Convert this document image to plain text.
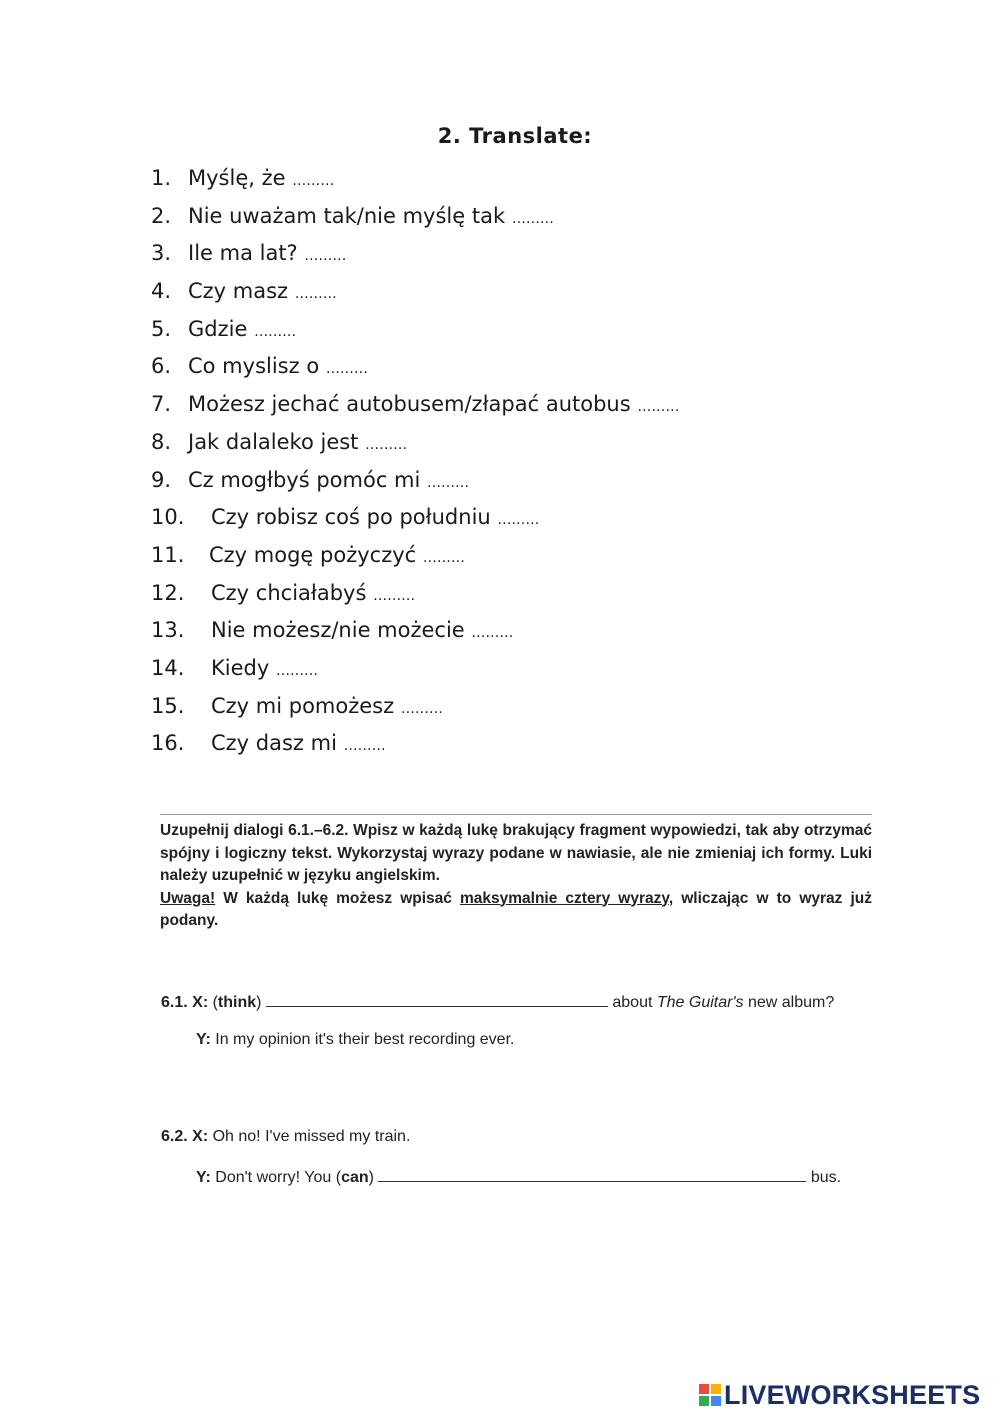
2. Translate:
1. Myślę, że ………
2. Nie uważam tak/nie myślę tak ………
3. Ile ma lat? ………
4. Czy masz ………
5. Gdzie ………
6. Co myslisz o ………
7. Możesz jechać autobusem/złapać autobus ………
8. Jak dalaleko jest ………
9. Cz mogłbyś pomóc mi ………
10. Czy robisz coś po południu ………
11. Czy mogę pożyczyć ………
12. Czy chciałabyś ………
13. Nie możesz/nie możecie ………
14. Kiedy ………
15. Czy mi pomożesz ………
16. Czy dasz mi ………
Uzupełnij dialogi 6.1.–6.2. Wpisz w każdą lukę brakujący fragment wypowiedzi, tak aby otrzymać spójny i logiczny tekst. Wykorzystaj wyrazy podane w nawiasie, ale nie zmieniaj ich formy. Luki należy uzupełnić w języku angielskim.
Uwaga! W każdą lukę możesz wpisać maksymalnie cztery wyrazy, wliczając w to wyraz już podany.
6.1. X: (think)	about The Guitar's new album?
Y: In my opinion it's their best recording ever.
6.2. X: Oh no! I've missed my train.
Y: Don't worry! You (can)	bus.
LIVEWORKSHEETS
